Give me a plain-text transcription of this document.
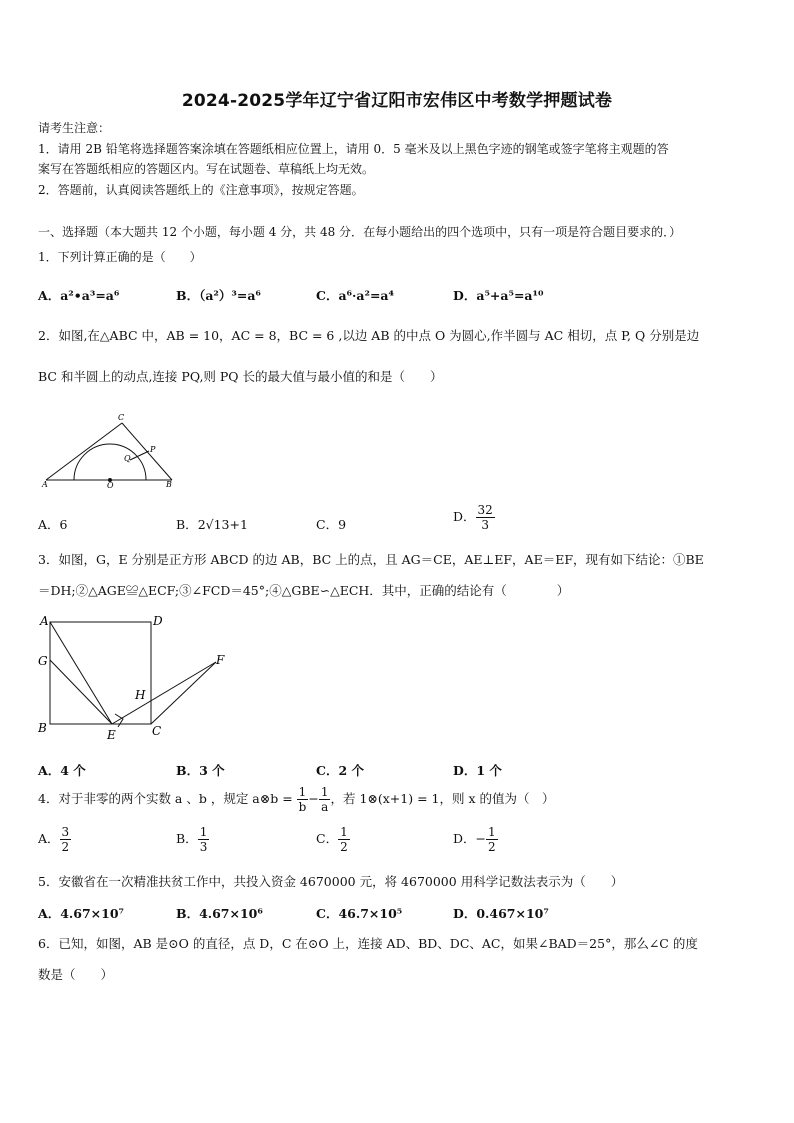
2024-2025学年辽宁省辽阳市宏伟区中考数学押题试卷
请考生注意：
1．请用 2B 铅笔将选择题答案涂填在答题纸相应位置上，请用 0．5 毫米及以上黑色字迹的钢笔或签字笔将主观题的答
案写在答题纸相应的答题区内。写在试题卷、草稿纸上均无效。
2．答题前，认真阅读答题纸上的《注意事项》，按规定答题。
一、选择题（本大题共 12 个小题，每小题 4 分，共 48 分．在每小题给出的四个选项中，只有一项是符合题目要求的．）
1．下列计算正确的是（　　）
A．a²•a³=a⁶	B．（a²）³=a⁶	C．a⁶·a²=a⁴	D．a⁵+a⁵=a¹⁰
2．如图,在△ABC 中，AB = 10，AC = 8，BC = 6 ,以边 AB 的中点 O 为圆心,作半圆与 AC 相切，点 P, Q 分别是边
BC 和半圆上的动点,连接 PQ,则 PQ 长的最大值与最小值的和是（　　）
A	B
C
O
P
Q
A．6	B．2√13+1	C．9
D． $\frac{32}{3}$
3．如图，G，E 分别是正方形 ABCD 的边 AB，BC 上的点，且 AG＝CE，AE⊥EF，AE＝EF，现有如下结论：①BE
＝DH;②△AGE≌△ECF;③∠FCD＝45°;④△GBE∽△ECH．其中，正确的结论有（　　　　）
A	D
G
B	E	C
H
F
A．4 个	B．3 个	C．2 个	D．1 个
4．对于非零的两个实数 a 、b ，规定 a⊗b = $\frac{1}{b} - \frac{1}{a}$ ，若 1⊗(x+1) = 1，则 x 的值为（　）
A． $\frac{3}{2}$	B． $\frac{1}{3}$	C． $\frac{1}{2}$	D．− $\frac{1}{2}$
5．安徽省在一次精准扶贫工作中，共投入资金 4670000 元，将 4670000 用科学记数法表示为（　　）
A．4.67×10⁷	B．4.67×10⁶	C．46.7×10⁵	D．0.467×10⁷
6．已知，如图，AB 是⊙O 的直径，点 D，C 在⊙O 上，连接 AD、BD、DC、AC，如果∠BAD＝25°，那么∠C 的度
数是（　　）
